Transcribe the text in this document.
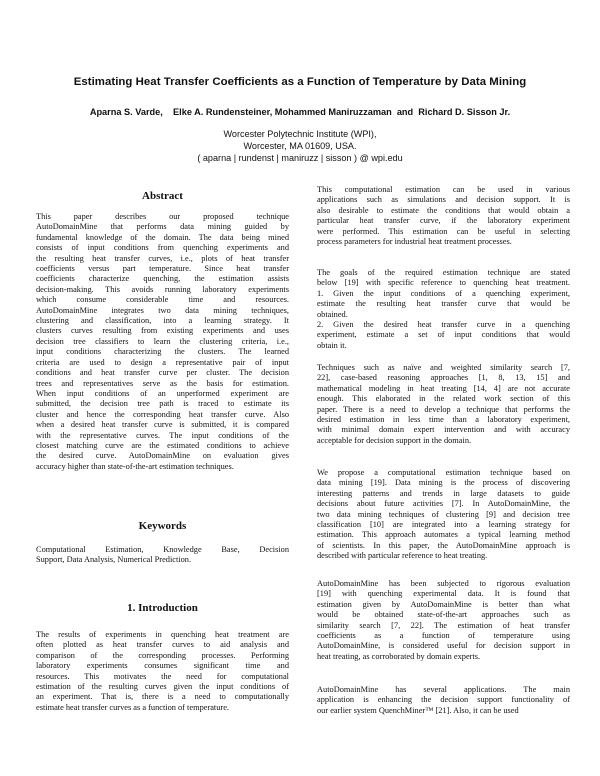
Estimating Heat Transfer Coefficients as a Function of Temperature by Data Mining
Aparna S. Varde,    Elke A. Rundensteiner, Mohammed Maniruzzaman  and  Richard D. Sisson Jr.
Worcester Polytechnic Institute (WPI),
Worcester, MA 01609, USA.
( aparna | rundenst | maniruzz | sisson ) @ wpi.edu
Abstract
This paper describes our proposed technique
AutoDomainMine that performs data mining guided by
fundamental knowledge of the domain. The data being mined
consists of input conditions from quenching experiments and
the resulting heat transfer curves, i.e., plots of heat transfer
coefficients versus part temperature. Since heat transfer
coefficients characterize quenching, the estimation assists
decision-making. This avoids running laboratory experiments
which consume considerable time and resources.
AutoDomainMine integrates two data mining techniques,
clustering and classification, into a learning strategy. It
clusters curves resulting from existing experiments and uses
decision tree classifiers to learn the clustering criteria, i.e.,
input conditions characterizing the clusters. The learned
criteria are used to design a representative pair of input
conditions and heat transfer curve per cluster. The decision
trees and representatives serve as the basis for estimation.
When input conditions of an unperformed experiment are
submitted, the decision tree path is traced to estimate its
cluster and hence the corresponding heat transfer curve. Also
when a desired heat transfer curve is submitted, it is compared
with the representative curves. The input conditions of the
closest matching curve are the estimated conditions to achieve
the desired curve. AutoDomainMine on evaluation gives
accuracy higher than state-of-the-art estimation techniques.
Keywords
Computational Estimation, Knowledge Base, Decision
Support, Data Analysis, Numerical Prediction.
1. Introduction
The results of experiments in quenching heat treatment are
often plotted as heat transfer curves to aid analysis and
comparison of the corresponding processes. Performing
laboratory experiments consumes significant time and
resources. This motivates the need for computational
estimation of the resulting curves given the input conditions of
an experiment. That is, there is a need to computationally
estimate heat transfer curves as a function of temperature.
This computational estimation can be used in various
applications such as simulations and decision support. It is
also desirable to estimate the conditions that would obtain a
particular heat transfer curve, if the laboratory experiment
were performed. This estimation can be useful in selecting
process parameters for industrial heat treatment processes.
The goals of the required estimation technique are stated
below [19] with specific reference to quenching heat treatment.
1. Given the input conditions of a quenching experiment,
estimate the resulting heat transfer curve that would be
obtained.
2. Given the desired heat transfer curve in a quenching
experiment, estimate a set of input conditions that would
obtain it.
Techniques such as naïve and weighted similarity search [7,
22], case-based reasoning approaches [1, 8, 13, 15] and
mathematical modeling in heat treating [14, 4] are not accurate
enough. This elaborated in the related work section of this
paper. There is a need to develop a technique that performs the
desired estimation in less time than a laboratory experiment,
with minimal domain expert intervention and with accuracy
acceptable for decision support in the domain.
We propose a computational estimation technique based on
data mining [19]. Data mining is the process of discovering
interesting patterns and trends in large datasets to guide
decisions about future activities [7]. In AutoDomainMine, the
two data mining techniques of clustering [9] and decision tree
classification [10] are integrated into a learning strategy for
estimation. This approach automates a typical learning method
of scientists. In this paper, the AutoDomainMine approach is
described with particular reference to heat treating.
AutoDomainMine has been subjected to rigorous evaluation
[19] with quenching experimental data. It is found that
estimation given by AutoDomainMine is better than what
would be obtained state-of-the-art approaches such as
similarity search [7, 22]. The estimation of heat transfer
coefficients as a function of temperature using
AutoDomainMine, is considered useful for decision support in
heat treating, as corroborated by domain experts.
AutoDomainMine has several applications. The main
application is enhancing the decision support functionality of
our earlier system QuenchMiner™ [21]. Also, it can be used
